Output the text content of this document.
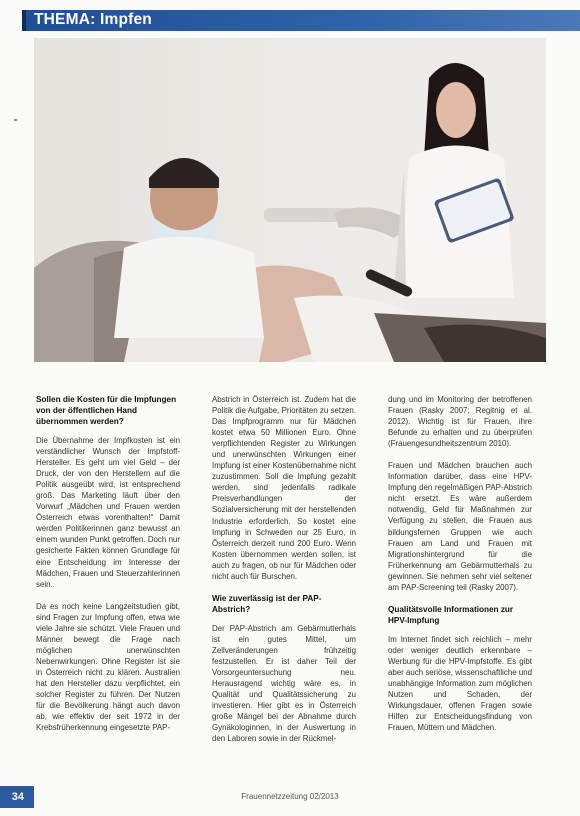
THEMA: Impfen
Sollen die Kosten für die Impfungen von der öffentlichen Hand übernommen werden?

Die Übernahme der Impfkosten ist ein verständlicher Wunsch der Impfstoff-Hersteller. Es geht um viel Geld – der Druck, der von den Herstellern auf die Politik ausgeübt wird, ist entsprechend groß. Das Marketing läuft über den Vorwurf „Mädchen und Frauen werden Österreich etwas vorenthalten!“ Damit werden Politikerinnen ganz bewusst an einem wunden Punkt getroffen. Doch nur gesicherte Fakten können Grundlage für eine Entscheidung im Interesse der Mädchen, Frauen und Steuerzahlerinnen sein.

Da es noch keine Langzeitstudien gibt, sind Fragen zur Impfung offen, etwa wie viele Jahre sie schützt. Viele Frauen und Männer bewegt die Frage nach möglichen unerwünschten Nebenwirkungen. Ohne Register ist sie in Österreich nicht zu klären. Australien hat den Hersteller dazu verpflichtet, ein solcher Register zu führen. Der Nutzen für die Bevölkerung hängt auch davon ab, wie effektiv der seit 1972 in der Krebsfrüherkennung eingesetzte PAP-

Abstrich in Österreich ist. Zudem hat die Politik die Aufgabe, Prioritäten zu setzen. Das Impfprogramm nur für Mädchen kostet etwa 50 Millionen Euro. Ohne verpflichtenden Register zu Wirkungen und unerwünschten Wirkungen einer Impfung ist einer Kostenübernahme nicht zuzustimmen. Soll die Impfung gezahlt werden, sind jedenfalls radikale Preisverhandlungen der Sozialversicherung mit der herstellenden Industrie erforderlich. So kostet eine Impfung in Schweden nur 25 Euro, in Österreich derzeit rund 200 Euro. Wenn Kosten übernommen werden sollen, ist auch zu fragen, ob nur für Mädchen oder nicht auch für Burschen.

Wie zuverlässig ist der PAP-Abstrich?

Der PAP-Abstrich am Gebärmutterhals ist ein gutes Mittel, um Zellveränderungen frühzeitig festzustellen. Er ist daher Teil der Vorsorgeuntersuchung neu. Herausragend wichtig wäre es, in Qualität und Qualitätssicherung zu investieren. Hier gibt es in Österreich große Mängel bei der Abnahme durch Gynäkologinnen, in der Auswertung in den Laboren sowie in der Rückmel-

dung und im Monitoring der betroffenen Frauen (Rasky 2007; Regitnig et al. 2012). Wichtig ist für Frauen, ihre Befunde zu erhalten und zu überprüfen (Frauengesundheitszentrum 2010).

Frauen und Mädchen brauchen auch Information darüber, dass eine HPV-Impfung den regelmäßigen PAP-Abstrich nicht ersetzt. Es wäre außerdem notwendig, Geld für Maßnahmen zur Verfügung zu stellen, die Frauen aus bildungsfernen Gruppen wie auch Frauen am Land und Frauen mit Migrationshintergrund für die Früherkennung am Gebärmutterhals zu gewinnen. Sie nehmen sehr viel seltener am PAP-Screening teil (Rasky 2007).

Qualitätsvolle Informationen zur HPV-Impfung

Im Internet findet sich reichlich – mehr oder weniger deutlich erkennbare – Werbung für die HPV-Impfstoffe. Es gibt aber auch seriöse, wissenschaftliche und unabhängige Information zum möglichen Nutzen und Schaden, der Wirkungsdauer, offenen Fragen sowie Hilfen zur Entscheidungsfindung von Frauen, Müttern und Mädchen.

34	Frauennetzzeitung 02/2013
